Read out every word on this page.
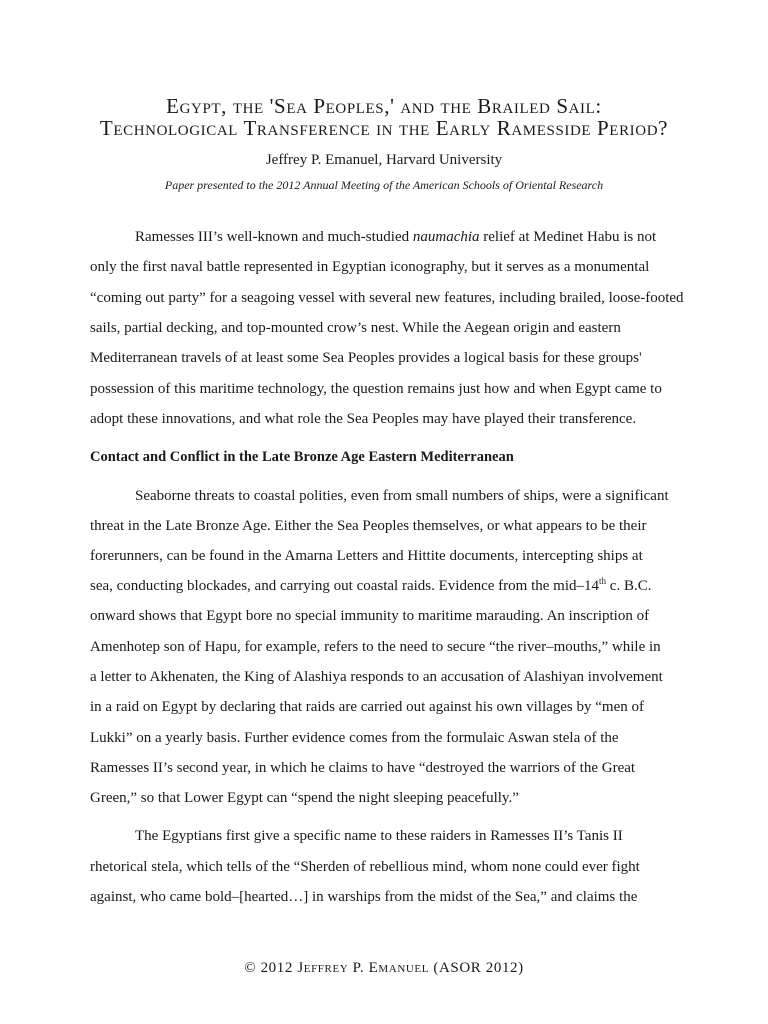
Egypt, the 'Sea Peoples,' and the Brailed Sail:
Technological Transference in the Early Ramesside Period?
Jeffrey P. Emanuel, Harvard University
Paper presented to the 2012 Annual Meeting of the American Schools of Oriental Research
Ramesses III’s well-known and much-studied naumachia relief at Medinet Habu is not
only the first naval battle represented in Egyptian iconography, but it serves as a monumental
“coming out party” for a seagoing vessel with several new features, including brailed, loose-footed
sails, partial decking, and top-mounted crow’s nest. While the Aegean origin and eastern
Mediterranean travels of at least some Sea Peoples provides a logical basis for these groups'
possession of this maritime technology, the question remains just how and when Egypt came to
adopt these innovations, and what role the Sea Peoples may have played their transference.
Contact and Conflict in the Late Bronze Age Eastern Mediterranean
Seaborne threats to coastal polities, even from small numbers of ships, were a significant
threat in the Late Bronze Age. Either the Sea Peoples themselves, or what appears to be their
forerunners, can be found in the Amarna Letters and Hittite documents, intercepting ships at
sea, conducting blockades, and carrying out coastal raids. Evidence from the mid–14th c. B.C.
onward shows that Egypt bore no special immunity to maritime marauding. An inscription of
Amenhotep son of Hapu, for example, refers to the need to secure “the river–mouths,” while in
a letter to Akhenaten, the King of Alashiya responds to an accusation of Alashiyan involvement
in a raid on Egypt by declaring that raids are carried out against his own villages by “men of
Lukki” on a yearly basis. Further evidence comes from the formulaic Aswan stela of the
Ramesses II’s second year, in which he claims to have “destroyed the warriors of the Great
Green,” so that Lower Egypt can “spend the night sleeping peacefully.”
The Egyptians first give a specific name to these raiders in Ramesses II’s Tanis II
rhetorical stela, which tells of the “Sherden of rebellious mind, whom none could ever fight
against, who came bold–[hearted…] in warships from the midst of the Sea,” and claims the
© 2012 Jeffrey P. Emanuel (ASOR 2012)
